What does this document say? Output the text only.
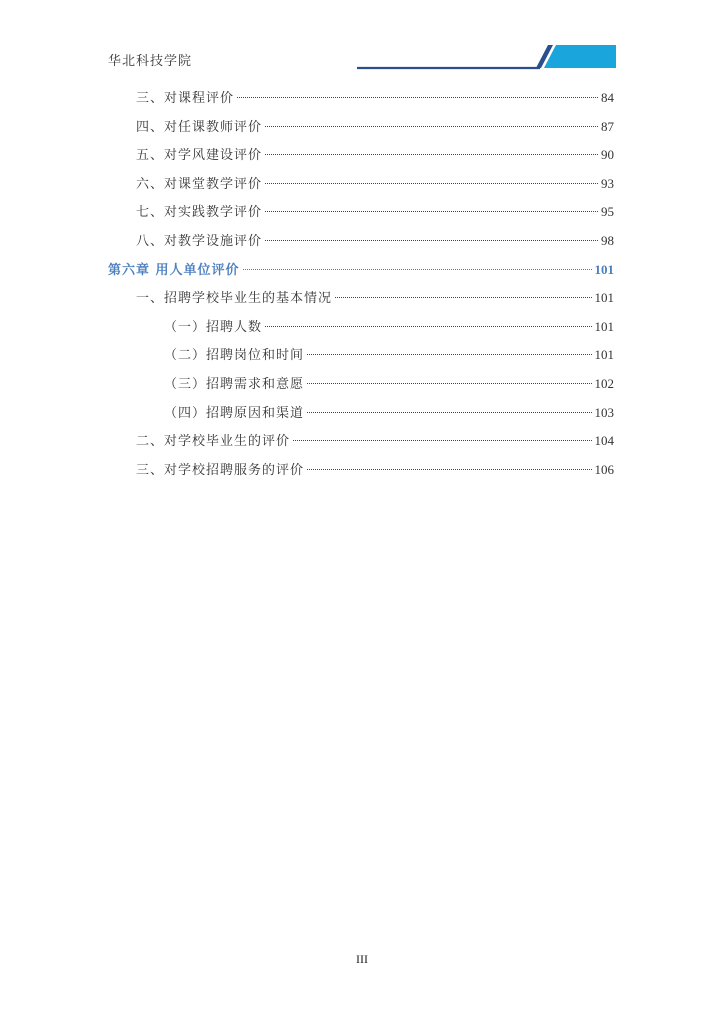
华北科技学院
三、对课程评价	84
四、对任课教师评价	87
五、对学风建设评价	90
六、对课堂教学评价	93
七、对实践教学评价	95
八、对教学设施评价	98
第六章 用人单位评价	101
一、招聘学校毕业生的基本情况	101
（一）招聘人数	101
（二）招聘岗位和时间	101
（三）招聘需求和意愿	102
（四）招聘原因和渠道	103
二、对学校毕业生的评价	104
三、对学校招聘服务的评价	106
III
